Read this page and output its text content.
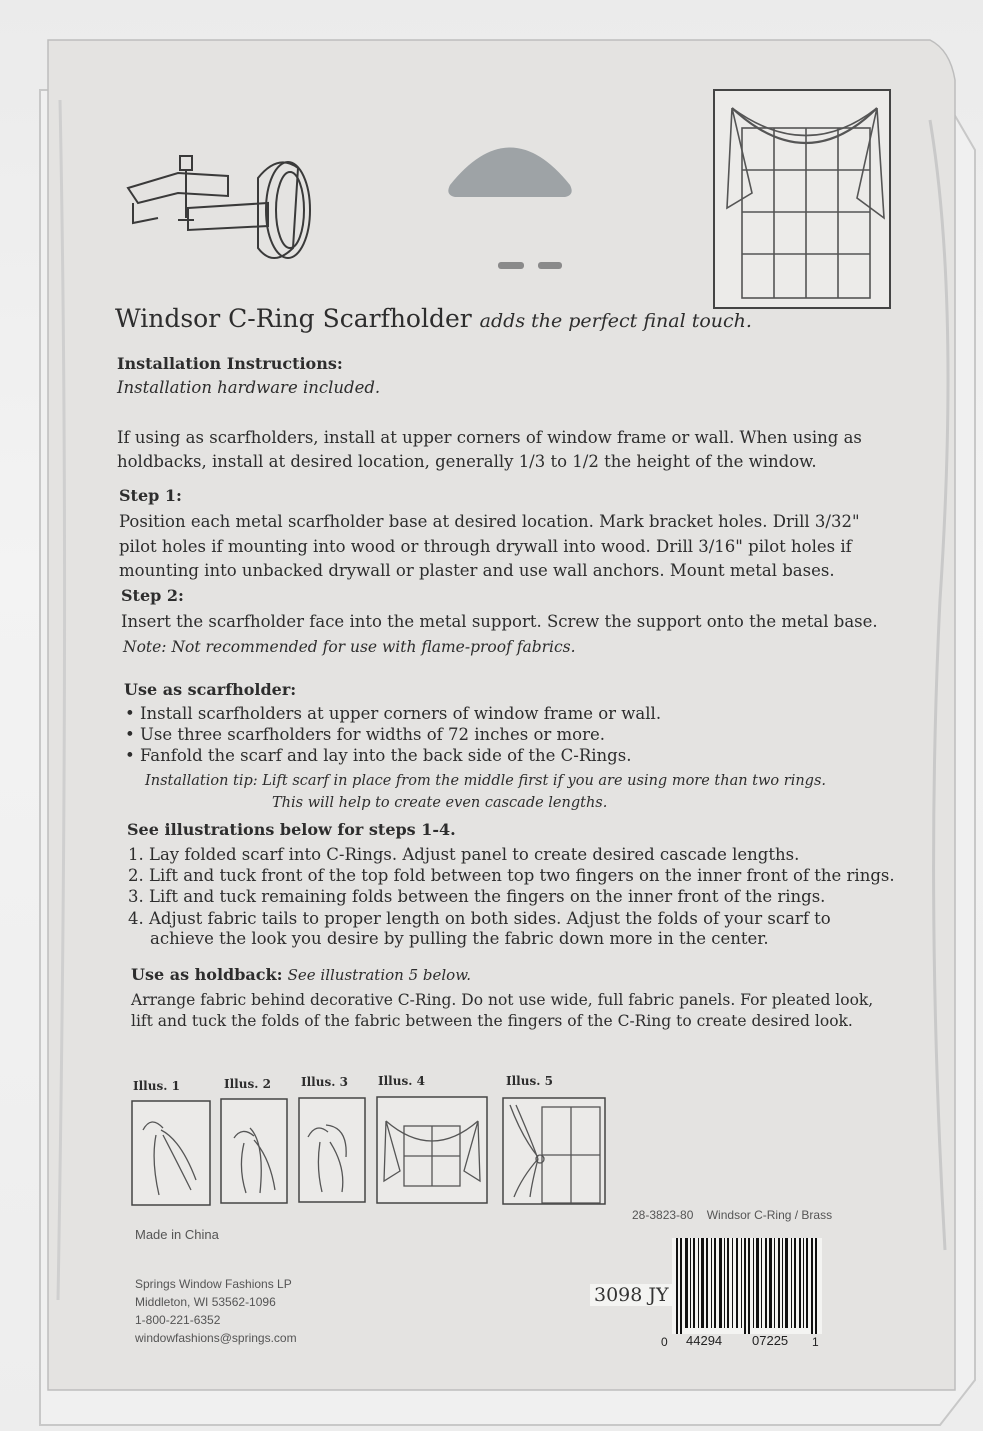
Windsor C-Ring Scarfholder adds the perfect final touch.
Installation Instructions:
Installation hardware included.
If using as scarfholders, install at upper corners of window frame or wall. When using as
holdbacks, install at desired location, generally 1/3 to 1/2 the height of the window.
Step 1:
Position each metal scarfholder base at desired location. Mark bracket holes. Drill 3/32"
pilot holes if mounting into wood or through drywall into wood. Drill 3/16" pilot holes if
mounting into unbacked drywall or plaster and use wall anchors. Mount metal bases.
Step 2:
Insert the scarfholder face into the metal support. Screw the support onto the metal base.
Note: Not recommended for use with flame-proof fabrics.
Use as scarfholder:
• Install scarfholders at upper corners of window frame or wall.
• Use three scarfholders for widths of 72 inches or more.
• Fanfold the scarf and lay into the back side of the C-Rings.
Installation tip: Lift scarf in place from the middle first if you are using more than two rings.
This will help to create even cascade lengths.
See illustrations below for steps 1-4.
1. Lay folded scarf into C-Rings. Adjust panel to create desired cascade lengths.
2. Lift and tuck front of the top fold between top two fingers on the inner front of the rings.
3. Lift and tuck remaining folds between the fingers on the inner front of the rings.
4. Adjust fabric tails to proper length on both sides. Adjust the folds of your scarf to
achieve the look you desire by pulling the fabric down more in the center.
Use as holdback: See illustration 5 below.
Arrange fabric behind decorative C-Ring. Do not use wide, full fabric panels. For pleated look,
lift and tuck the folds of the fabric between the fingers of the C-Ring to create desired look.
Illus. 1	Illus. 2	Illus. 3	Illus. 4	Illus. 5
28-3823-80 Windsor C-Ring / Brass
Made in China
Springs Window Fashions LP
Middleton, WI 53562-1096
1-800-221-6352
windowfashions@springs.com
3098 JY
0 44294 07225 1
